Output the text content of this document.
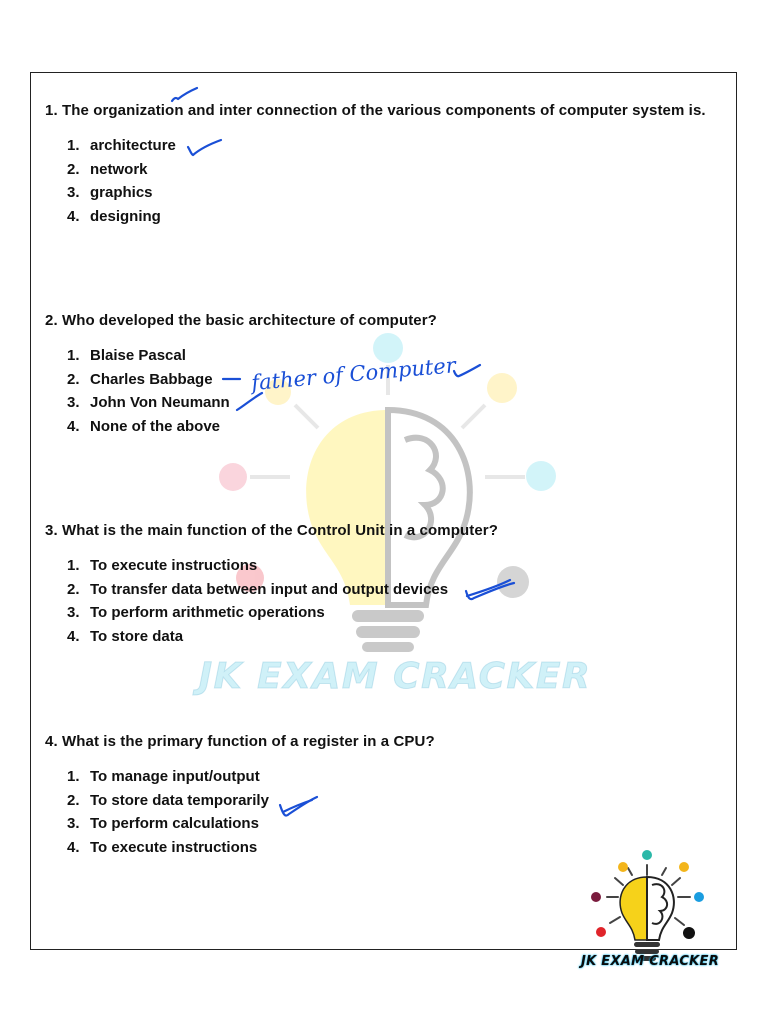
JK EXAM CRACKER
1. The organization and inter connection of the various components of computer system is.
1. architecture
2. network
3. graphics
4. designing
2. Who developed the basic architecture of computer?
1. Blaise Pascal
2. Charles Babbage
3. John Von Neumann
4. None of the above
3. What is the main function of the Control Unit in a computer?
1. To execute instructions
2. To transfer data between input and output devices
3. To perform arithmetic operations
4. To store data
4. What is the primary function of a register in a CPU?
1. To manage input/output
2. To store data temporarily
3. To perform calculations
4. To execute instructions
father of Computer
JK EXAM CRACKER
